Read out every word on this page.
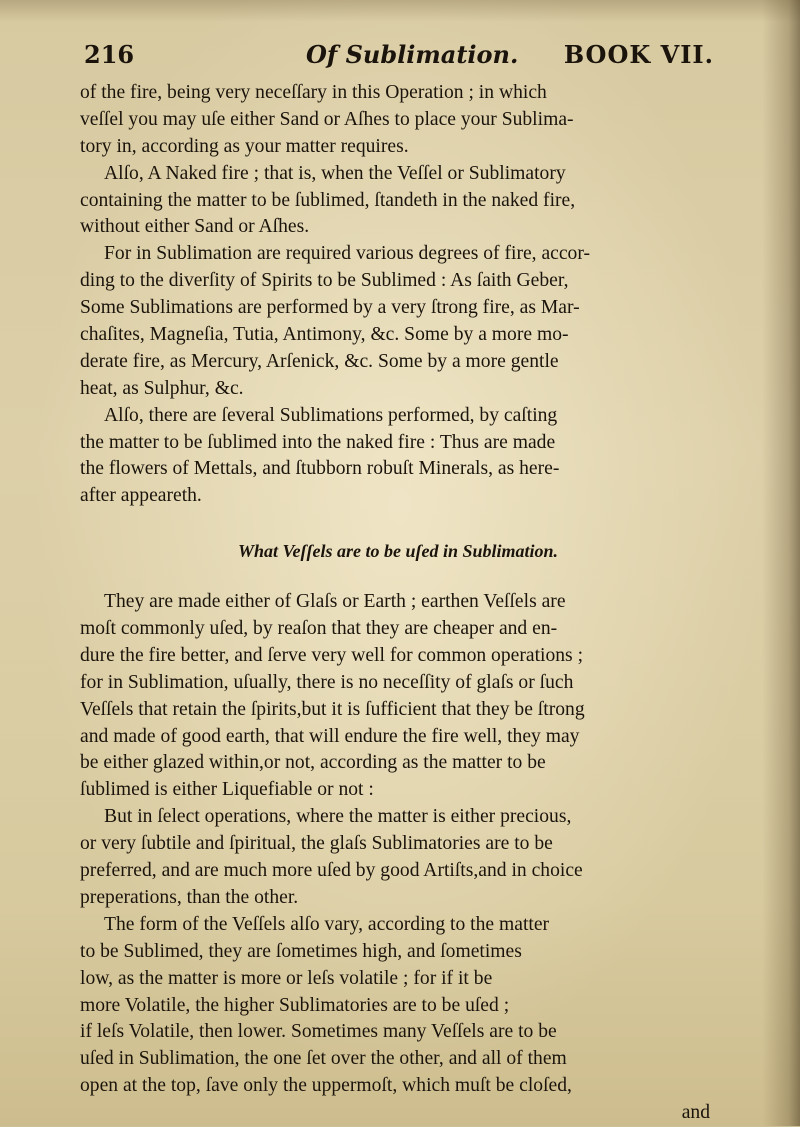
216	Of Sublimation. BOOK VII.
of the fire, being very neceſſary in this Operation ; in which
veſſel you may uſe either Sand or Aſhes to place your Sublima-
tory in, according as your matter requires.
Alſo, A Naked fire ; that is, when the Veſſel or Sublimatory
containing the matter to be ſublimed, ſtandeth in the naked fire,
without either Sand or Aſhes.
For in Sublimation are required various degrees of fire, accor-
ding to the diverſity of Spirits to be Sublimed : As ſaith Geber,
Some Sublimations are performed by a very ſtrong fire, as Mar-
chaſites, Magneſia, Tutia, Antimony, &c. Some by a more mo-
derate fire, as Mercury, Arſenick, &c. Some by a more gentle
heat, as Sulphur, &c.
Alſo, there are ſeveral Sublimations performed, by caſting
the matter to be ſublimed into the naked fire : Thus are made
the flowers of Mettals, and ſtubborn robuſt Minerals, as here-
after appeareth.
What Veſſels are to be uſed in Sublimation.
They are made either of Glaſs or Earth ; earthen Veſſels are
moſt commonly uſed, by reaſon that they are cheaper and en-
dure the fire better, and ſerve very well for common operations ;
for in Sublimation, uſually, there is no neceſſity of glaſs or ſuch
Veſſels that retain the ſpirits,but it is ſufficient that they be ſtrong
and made of good earth, that will endure the fire well, they may
be either glazed within,or not, according as the matter to be
ſublimed is either Liquefiable or not :
But in ſelect operations, where the matter is either precious,
or very ſubtile and ſpiritual, the glaſs Sublimatories are to be
preferred, and are much more uſed by good Artiſts,and in choice
preperations, than the other.
The form of the Veſſels alſo vary, according to the matter
to be Sublimed, they are ſometimes high, and ſometimes
low, as the matter is more or leſs volatile ; for if it be
more Volatile, the higher Sublimatories are to be uſed ;
if leſs Volatile, then lower. Sometimes many Veſſels are to be
uſed in Sublimation, the one ſet over the other, and all of them
open at the top, ſave only the uppermoſt, which muſt be cloſed,
and
